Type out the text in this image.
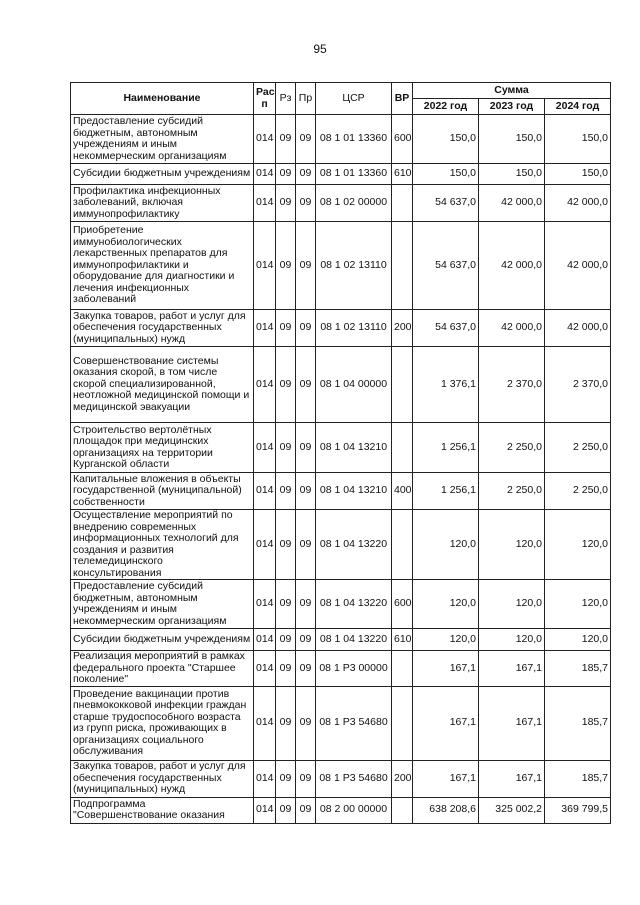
95
Наименование	Рас п	Рз	Пр	ЦСР	ВР	Сумма		
						2022 год	2023 год	2024 год
Предоставление субсидий бюджетным, автономным учреждениям и иным некоммерческим организациям	014	09	09	08 1 01 13360	600	150,0	150,0	150,0
Субсидии бюджетным учреждениям	014	09	09	08 1 01 13360	610	150,0	150,0	150,0
Профилактика инфекционных заболеваний, включая иммунопрофилактику	014	09	09	08 1 02 00000		54 637,0	42 000,0	42 000,0
Приобретение иммунобиологических лекарственных препаратов для иммунопрофилактики и оборудование для диагностики и лечения инфекционных заболеваний	014	09	09	08 1 02 13110		54 637,0	42 000,0	42 000,0
Закупка товаров, работ и услуг для обеспечения государственных (муниципальных) нужд	014	09	09	08 1 02 13110	200	54 637,0	42 000,0	42 000,0
Совершенствование системы оказания скорой, в том числе скорой специализированной, неотложной медицинской помощи и медицинской эвакуации	014	09	09	08 1 04 00000		1 376,1	2 370,0	2 370,0
Строительство вертолётных площадок при медицинских организациях на территории Курганской области	014	09	09	08 1 04 13210		1 256,1	2 250,0	2 250,0
Капитальные вложения в объекты государственной (муниципальной) собственности	014	09	09	08 1 04 13210	400	1 256,1	2 250,0	2 250,0
Осуществление мероприятий по внедрению современных информационных технологий для создания и развития телемедицинского консультирования	014	09	09	08 1 04 13220		120,0	120,0	120,0
Предоставление субсидий бюджетным, автономным учреждениям и иным некоммерческим организациям	014	09	09	08 1 04 13220	600	120,0	120,0	120,0
Субсидии бюджетным учреждениям	014	09	09	08 1 04 13220	610	120,0	120,0	120,0
Реализация мероприятий в рамках федерального проекта "Старшее поколение"	014	09	09	08 1 P3 00000		167,1	167,1	185,7
Проведение вакцинации против пневмококковой инфекции граждан старше трудоспособного возраста из групп риска, проживающих в организациях социального обслуживания	014	09	09	08 1 P3 54680		167,1	167,1	185,7
Закупка товаров, работ и услуг для обеспечения государственных (муниципальных) нужд	014	09	09	08 1 P3 54680	200	167,1	167,1	185,7
Подпрограмма "Совершенствование оказания	014	09	09	08 2 00 00000		638 208,6	325 002,2	369 799,5
